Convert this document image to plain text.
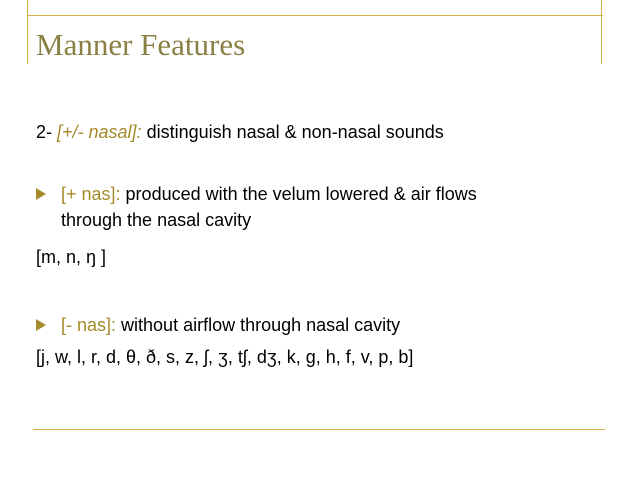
Manner Features
2- [+/- nasal]: distinguish nasal & non-nasal sounds
[+ nas]: produced with the velum lowered & air flows
through the nasal cavity
[m, n, ŋ ]
[- nas]: without airflow through nasal cavity
[j, w, l, r, d, θ, ð, s, z, ʃ, ʒ, tʃ, dʒ, k, g, h, f, v, p, b]
